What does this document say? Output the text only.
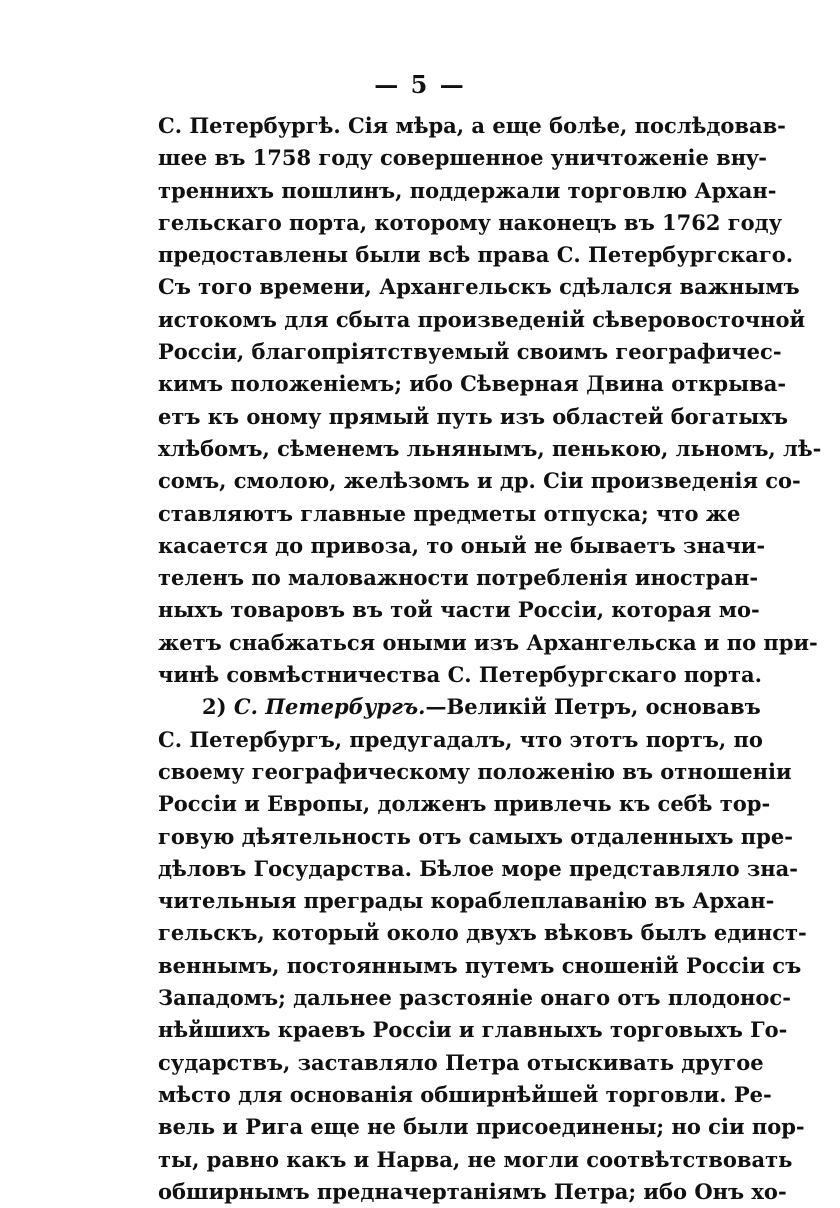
— 5 —
С. Петербургѣ. Сія мѣра, а еще болѣе, послѣдовав-
шее въ 1758 году совершенное уничтоженіе внy-
треннихъ пошлинъ, поддержали торговлю Архан-
гельскаго порта, которому наконецъ въ 1762 году
предоставлены были всѣ права С. Петербургскаго.
Съ того времени, Архангельскъ сдѣлался важнымъ
истокомъ для сбыта произведеній сѣверовосточной
Россіи, благопріятствуемый своимъ географичес-
кимъ положеніемъ; ибо Сѣверная Двина открыва-
етъ къ оному прямый путь изъ областей богатыхъ
хлѣбомъ, сѣменемъ льнянымъ, пенькою, льномъ, лѣ-
сомъ, смолою, желѣзомъ и др. Сіи произведенія со-
ставляютъ главные предметы отпуска; что же
касается до привоза, то оный не бываетъ значи-
теленъ по маловажности потребленія иностран-
ныхъ товаровъ въ той части Россіи, которая мо-
жетъ снабжаться оными изъ Архангельска и по при-
чинѣ совмѣстничества С. Петербургскаго порта.
2) С. Петербургъ.—Великій Петръ, основавъ
С. Петербургъ, предугадалъ, что этотъ портъ, по
своему географическому положенію въ отношеніи
Россіи и Европы, долженъ привлечь къ себѣ тор-
говую дѣятельность отъ самыхъ отдаленныхъ пре-
дѣловъ Государства. Бѣлое море представляло зна-
чительныя преграды кораблеплаванію въ Архан-
гельскъ, который около двухъ вѣковъ былъ единст-
веннымъ, постояннымъ путемъ сношеній Россіи съ
Западомъ; дальнее разстояніе онаго отъ плодонос-
нѣйшихъ краевъ Россіи и главныхъ торговыхъ Го-
сударствъ, заставляло Петра отыскивать другое
мѣсто для основанія обширнѣйшей торговли. Ре-
вель и Рига еще не были присоединены; но сіи пор-
ты, равно какъ и Нарва, не могли соотвѣтствовать
обширнымъ предначертаніямъ Петра; ибо Онъ хо-
